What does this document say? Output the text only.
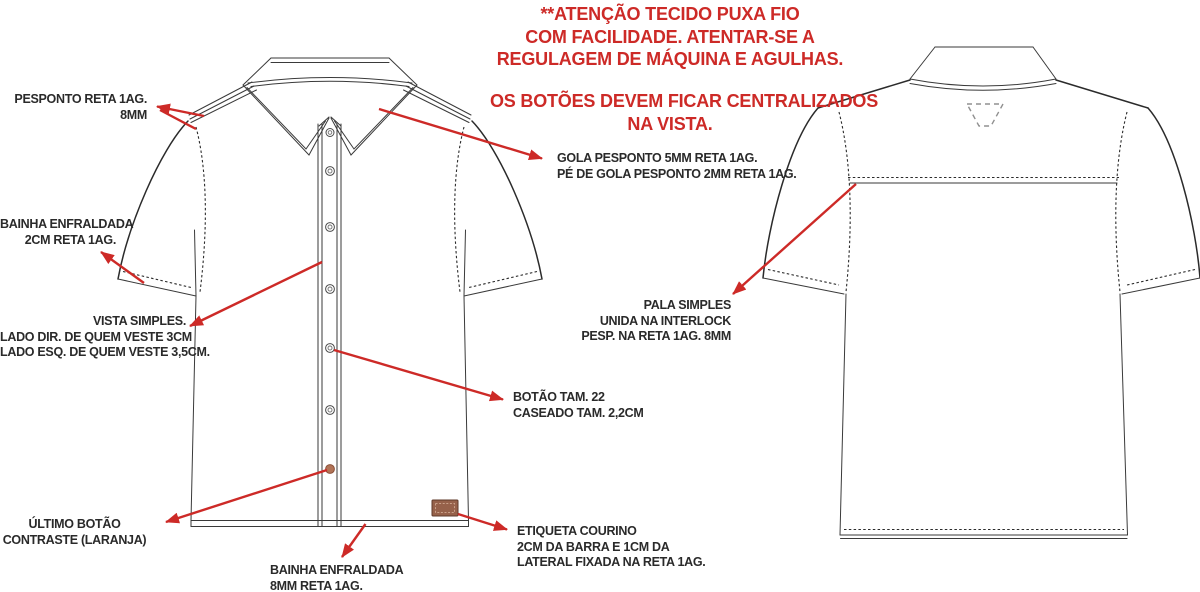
**ATENÇÃO TECIDO PUXA FIO
COM FACILIDADE. ATENTAR-SE A
REGULAGEM DE MÁQUINA E AGULHAS.
OS BOTÕES DEVEM FICAR CENTRALIZADOS
NA VISTA.
PESPONTO RETA 1AG.
8MM
BAINHA ENFRALDADA
2CM RETA 1AG.
VISTA SIMPLES.
LADO DIR. DE QUEM VESTE 3CM
LADO ESQ. DE QUEM VESTE 3,5CM.
ÚLTIMO BOTÃO
CONTRASTE (LARANJA)
BAINHA ENFRALDADA
8MM RETA 1AG.
GOLA PESPONTO 5MM RETA 1AG.
PÉ DE GOLA PESPONTO 2MM RETA 1AG.
BOTÃO TAM. 22
CASEADO TAM. 2,2CM
ETIQUETA COURINO
2CM DA BARRA E 1CM DA
LATERAL FIXADA NA RETA 1AG.
PALA SIMPLES
UNIDA NA INTERLOCK
PESP. NA RETA 1AG. 8MM
